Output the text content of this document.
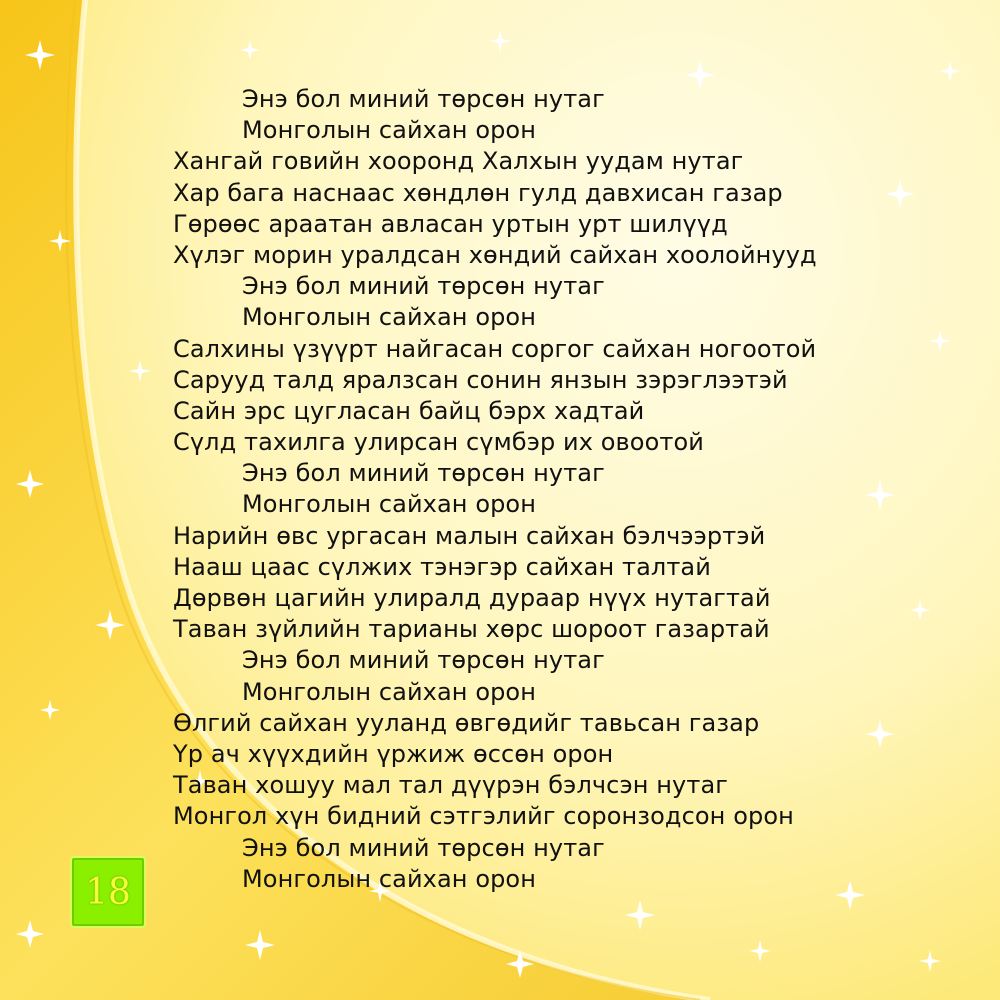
Энэ бол миний төрсөн нутаг
Монголын сайхан орон
Хангай говийн хооронд Халхын уудам нутаг
Хар бага наснаас хөндлөн гулд давхисан газар
Гөрөөс араатан авласан уртын урт шилүүд
Хүлэг морин уралдсан хөндий сайхан хоолойнууд
Энэ бол миний төрсөн нутаг
Монголын сайхан орон
Салхины үзүүрт найгасан соргог сайхан ногоотой
Сарууд талд яралзсан сонин янзын зэрэглээтэй
Сайн эрс цугласан байц бэрх хадтай
Сүлд тахилга улирсан сүмбэр их овоотой
Энэ бол миний төрсөн нутаг
Монголын сайхан орон
Нарийн өвс ургасан малын сайхан бэлчээртэй
Нааш цаас сүлжих тэнэгэр сайхан талтай
Дөрвөн цагийн улиралд дураар нүүх нутагтай
Таван зүйлийн тарианы хөрс шороот газартай
Энэ бол миний төрсөн нутаг
Монголын сайхан орон
Өлгий сайхан ууланд өвгөдийг тавьсан газар
Үр ач хүүхдийн үржиж өссөн орон
Таван хошуу мал тал дүүрэн бэлчсэн нутаг
Монгол хүн бидний сэтгэлийг соронзодсон орон
Энэ бол миний төрсөн нутаг
Монголын сайхан орон
18
